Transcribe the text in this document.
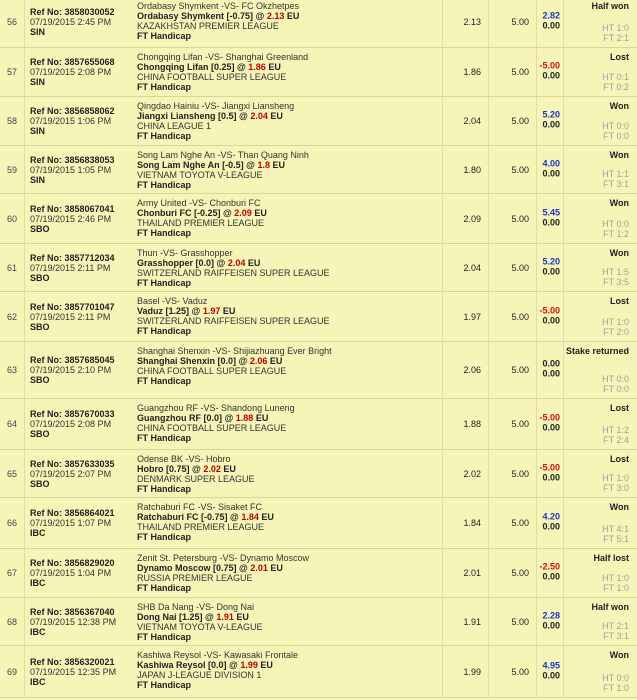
56
Ref No: 3858030052
07/19/2015 2:45 PM
SIN
Ordabasy Shymkent -VS- FC Okzhetpes
Ordabasy Shymkent [-0.75] @ 2.13 EU
KAZAKHSTAN PREMIER LEAGUE
FT Handicap
2.13	5.00
2.82
0.00
Half won
HT 1:0
FT 2:1
57
Ref No: 3857655068
07/19/2015 2:08 PM
SIN
Chongqing Lifan -VS- Shanghai Greenland
Chongqing Lifan [0.25] @ 1.86 EU
CHINA FOOTBALL SUPER LEAGUE
FT Handicap
1.86	5.00
-5.00
0.00
Lost
HT 0:1
FT 0:2
58
Ref No: 3856858062
07/19/2015 1:06 PM
SIN
Qingdao Hainiu -VS- Jiangxi Liansheng
Jiangxi Liansheng [0.5] @ 2.04 EU
CHINA LEAGUE 1
FT Handicap
2.04	5.00
5.20
0.00
Won
HT 0:0
FT 0:0
59
Ref No: 3856838053
07/19/2015 1:05 PM
SIN
Song Lam Nghe An -VS- Than Quang Ninh
Song Lam Nghe An [-0.5] @ 1.8 EU
VIETNAM TOYOTA V-LEAGUE
FT Handicap
1.80	5.00
4.00
0.00
Won
HT 1:1
FT 3:1
60
Ref No: 3858067041
07/19/2015 2:46 PM
SBO
Army United -VS- Chonburi FC
Chonburi FC [-0.25] @ 2.09 EU
THAILAND PREMIER LEAGUE
FT Handicap
2.09	5.00
5.45
0.00
Won
HT 0:0
FT 1:2
61
Ref No: 3857712034
07/19/2015 2:11 PM
SBO
Thun -VS- Grasshopper
Grasshopper [0.0] @ 2.04 EU
SWITZERLAND RAIFFEISEN SUPER LEAGUE
FT Handicap
2.04	5.00
5.20
0.00
Won
HT 1:5
FT 3:5
62
Ref No: 3857701047
07/19/2015 2:11 PM
SBO
Basel -VS- Vaduz
Vaduz [1.25] @ 1.97 EU
SWITZERLAND RAIFFEISEN SUPER LEAGUE
FT Handicap
1.97	5.00
-5.00
0.00
Lost
HT 1:0
FT 2:0
63
Ref No: 3857685045
07/19/2015 2:10 PM
SBO
Shanghai Shenxin -VS- Shijiazhuang Ever Bright
Shanghai Shenxin [0.0] @ 2.06 EU
CHINA FOOTBALL SUPER LEAGUE
FT Handicap
2.06	5.00
0.00
0.00
Stake returned
HT 0:0
FT 0:0
64
Ref No: 3857670033
07/19/2015 2:08 PM
SBO
Guangzhou RF -VS- Shandong Luneng
Guangzhou RF [0.0] @ 1.88 EU
CHINA FOOTBALL SUPER LEAGUE
FT Handicap
1.88	5.00
-5.00
0.00
Lost
HT 1:2
FT 2:4
65
Ref No: 3857633035
07/19/2015 2:07 PM
SBO
Odense BK -VS- Hobro
Hobro [0.75] @ 2.02 EU
DENMARK SUPER LEAGUE
FT Handicap
2.02	5.00
-5.00
0.00
Lost
HT 1:0
FT 3:0
66
Ref No: 3856864021
07/19/2015 1:07 PM
IBC
Ratchaburi FC -VS- Sisaket FC
Ratchaburi FC [-0.75] @ 1.84 EU
THAILAND PREMIER LEAGUE
FT Handicap
1.84	5.00
4.20
0.00
Won
HT 4:1
FT 5:1
67
Ref No: 3856829020
07/19/2015 1:04 PM
IBC
Zenit St. Petersburg -VS- Dynamo Moscow
Dynamo Moscow [0.75] @ 2.01 EU
RUSSIA PREMIER LEAGUE
FT Handicap
2.01	5.00
-2.50
0.00
Half lost
HT 1:0
FT 1:0
68
Ref No: 3856367040
07/19/2015 12:38 PM
IBC
SHB Da Nang -VS- Dong Nai
Dong Nai [1.25] @ 1.91 EU
VIETNAM TOYOTA V-LEAGUE
FT Handicap
1.91	5.00
2.28
0.00
Half won
HT 2:1
FT 3:1
69
Ref No: 3856320021
07/19/2015 12:35 PM
IBC
Kashiwa Reysol -VS- Kawasaki Frontale
Kashiwa Reysol [0.0] @ 1.99 EU
JAPAN J-LEAGUE DIVISION 1
FT Handicap
1.99	5.00
4.95
0.00
Won
HT 0:0
FT 1:0
